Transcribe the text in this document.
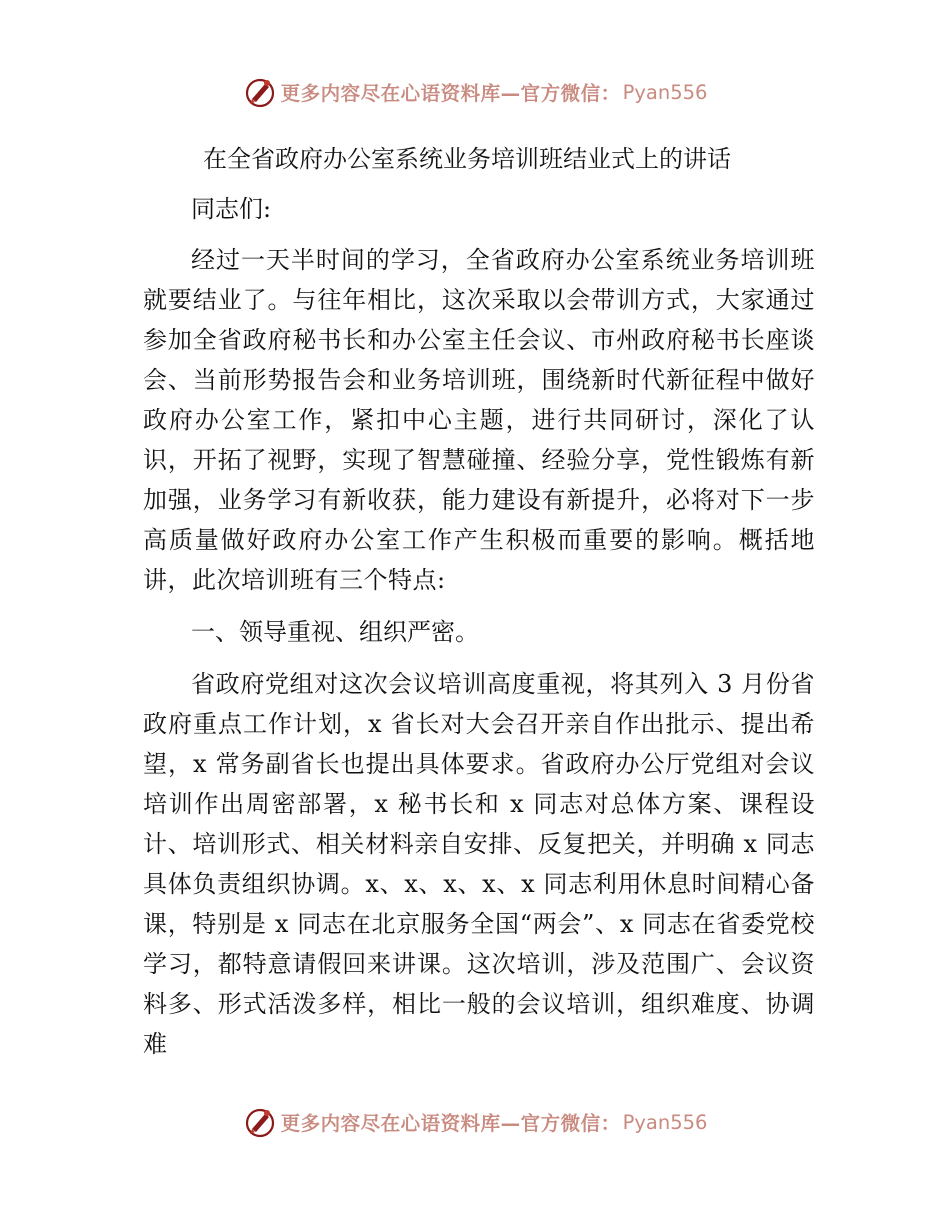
更多内容尽在心语资料库—官方微信： Pyan556
在全省政府办公室系统业务培训班结业式上的讲话
同志们:

经过一天半时间的学习，全省政府办公室系统业务培训班就要结业了。与往年相比，这次采取以会带训方式，大家通过参加全省政府秘书长和办公室主任会议、市州政府秘书长座谈会、当前形势报告会和业务培训班，围绕新时代新征程中做好政府办公室工作，紧扣中心主题，进行共同研讨，深化了认识，开拓了视野，实现了智慧碰撞、经验分享，党性锻炼有新加强，业务学习有新收获，能力建设有新提升，必将对下一步高质量做好政府办公室工作产生积极而重要的影响。概括地讲，此次培训班有三个特点:

一、领导重视、组织严密。

省政府党组对这次会议培训高度重视，将其列入 3 月份省政府重点工作计划，x 省长对大会召开亲自作出批示、提出希望，x 常务副省长也提出具体要求。省政府办公厅党组对会议培训作出周密部署，x 秘书长和 x 同志对总体方案、课程设计、培训形式、相关材料亲自安排、反复把关，并明确 x 同志具体负责组织协调。x、x、x、x、x 同志利用休息时间精心备课，特别是 x 同志在北京服务全国“两会”、x 同志在省委党校学习，都特意请假回来讲课。这次培训，涉及范围广、会议资料多、形式活泼多样，相比一般的会议培训，组织难度、协调难

更多内容尽在心语资料库—官方微信： Pyan556
